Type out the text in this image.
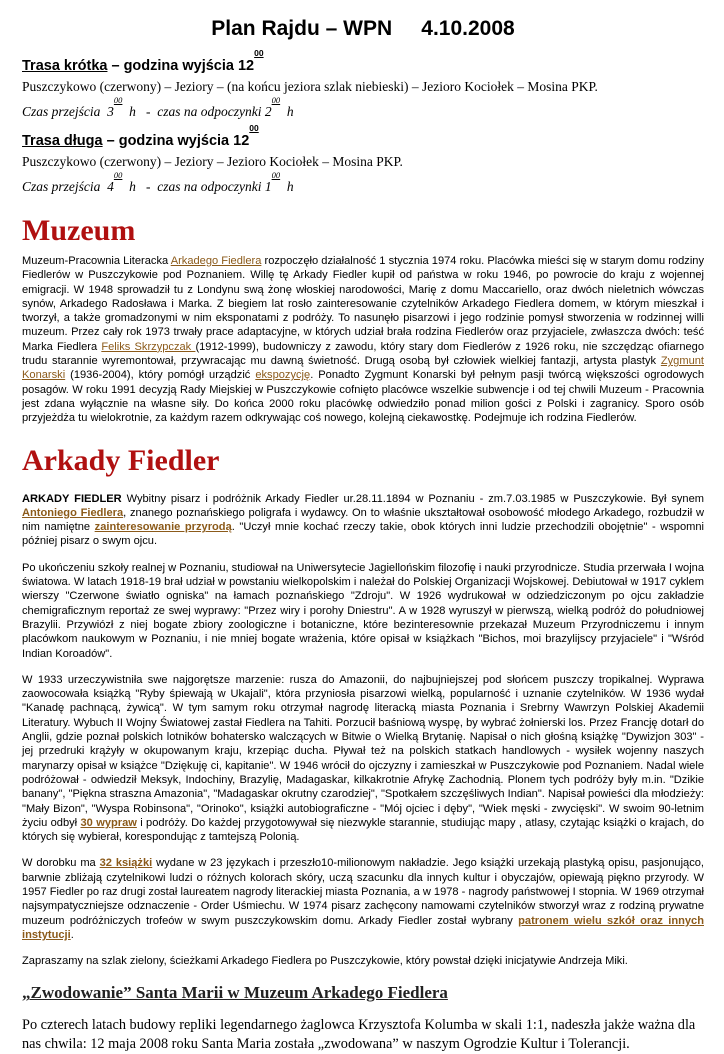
Plan Rajdu – WPN     4.10.2008

Trasa krótka – godzina wyjścia $12^{00}$

Puszczykowo (czerwony) – Jeziory – (na końcu jeziora szlak niebieski) – Jezioro Kociołek – Mosina PKP.

Czas przejścia  $3^{00}$  h   -  czas na odpoczynki $2^{00}$  h

Trasa długa – godzina wyjścia $12^{00}$

Puszczykowo (czerwony) – Jeziory – Jezioro Kociołek – Mosina PKP.

Czas przejścia  $4^{00}$  h   -  czas na odpoczynki $1^{00}$  h

Muzeum

Muzeum-Pracownia Literacka Arkadego Fiedlera rozpoczęło działalność 1 stycznia 1974 roku. Placówka mieści się w starym domu rodziny Fiedlerów w Puszczykowie pod Poznaniem. Willę tę Arkady Fiedler kupił od państwa w roku 1946, po powrocie do kraju z wojennej emigracji. W 1948 sprowadził tu z Londynu swą żonę włoskiej narodowości, Marię z domu Maccariello, oraz dwóch nieletnich wówczas synów, Arkadego Radosława i Marka. Z biegiem lat rosło zainteresowanie czytelników Arkadego Fiedlera domem, w którym mieszkał i tworzył, a także gromadzonymi w nim eksponatami z podróży. To nasunęło pisarzowi i jego rodzinie pomysł stworzenia w rodzinnej willi muzeum. Przez cały rok 1973 trwały prace adaptacyjne, w których udział brała rodzina Fiedlerów oraz przyjaciele, zwłaszcza dwóch: teść Marka Fiedlera Feliks Skrzypczak (1912-1999), budowniczy z zawodu, który stary dom Fiedlerów z 1926 roku, nie szczędząc ofiarnego trudu starannie wyremontował, przywracając mu dawną świetność. Drugą osobą był człowiek wielkiej fantazji, artysta plastyk Zygmunt Konarski (1936-2004), który pomógł urządzić ekspozycję. Ponadto Zygmunt Konarski był pełnym pasji twórcą większości ogrodowych posagów. W roku 1991 decyzją Rady Miejskiej w Puszczykowie cofnięto placówce wszelkie subwencje i od tej chwili Muzeum - Pracownia jest zdana wyłącznie na własne siły. Do końca 2000 roku placówkę odwiedziło ponad milion gości z Polski i zagranicy. Sporo osób przyjeżdża tu wielokrotnie, za każdym razem odkrywając coś nowego, kolejną ciekawostkę. Podejmuje ich rodzina Fiedlerów.

Arkady Fiedler

ARKADY FIEDLER Wybitny pisarz i podróżnik Arkady Fiedler ur.28.11.1894 w Poznaniu - zm.7.03.1985 w Puszczykowie. Był synem Antoniego Fiedlera, znanego poznańskiego poligrafa i wydawcy. On to właśnie ukształtował osobowość młodego Arkadego, rozbudził w nim namiętne zainteresowanie przyrodą. "Uczył mnie kochać rzeczy takie, obok których inni ludzie przechodzili obojętnie" - wspomni później pisarz o swym ojcu.

Po ukończeniu szkoły realnej w Poznaniu, studiował na Uniwersytecie Jagiellońskim filozofię i nauki przyrodnicze. Studia przerwała I wojna światowa. W latach 1918-19 brał udział w powstaniu wielkopolskim i należał do Polskiej Organizacji Wojskowej. Debiutował w 1917 cyklem wierszy "Czerwone światło ogniska" na łamach poznańskiego "Zdroju". W 1926 wydrukował w odziedziczonym po ojcu zakładzie chemigraficznym reportaż ze swej wyprawy: "Przez wiry i porohy Dniestru". A w 1928 wyruszył w pierwszą, wielką podróż do południowej Brazylii. Przywiózł z niej bogate zbiory zoologiczne i botaniczne, które bezinteresownie przekazał Muzeum Przyrodniczemu i innym placówkom naukowym w Poznaniu, i nie mniej bogate wrażenia, które opisał w książkach "Bichos, moi brazylijscy przyjaciele" i "Wśród Indian Koroadów".

W 1933 urzeczywistniła swe najgorętsze marzenie: rusza do Amazonii, do najbujniejszej pod słońcem puszczy tropikalnej. Wyprawa zaowocowała książką "Ryby śpiewają w Ukajali", która przyniosła pisarzowi wielką, popularność i uznanie czytelników. W 1936 wydał "Kanadę pachnącą, żywicą". W tym samym roku otrzymał nagrodę literacką miasta Poznania i Srebrny Wawrzyn Polskiej Akademii Literatury. Wybuch II Wojny Światowej zastał Fiedlera na Tahiti. Porzucił baśniową wyspę, by wybrać żołnierski los. Przez Francję dotarł do Anglii, gdzie poznał polskich lotników bohatersko walczących w Bitwie o Wielką Brytanię. Napisał o nich głośną książkę "Dywizjon 303" - jej przedruki krążyły w okupowanym kraju, krzepiąc ducha. Pływał też na polskich statkach handlowych - wysiłek wojenny naszych marynarzy opisał w książce "Dziękuję ci, kapitanie". W 1946 wrócił do ojczyzny i zamieszkał w Puszczykowie pod Poznaniem. Nadal wiele podróżował - odwiedził Meksyk, Indochiny, Brazylię, Madagaskar, kilkakrotnie Afrykę Zachodnią. Plonem tych podróży były m.in. "Dzikie banany", "Piękna straszna Amazonia", "Madagaskar okrutny czarodziej", "Spotkałem szczęśliwych Indian". Napisał powieści dla młodzieży: "Mały Bizon", "Wyspa Robinsona", "Orinoko", książki autobiograficzne - "Mój ojciec i dęby", "Wiek męski - zwycięski". W swoim 90-letnim życiu odbył 30 wypraw i podróży. Do każdej przygotowywał się niezwykle starannie, studiując mapy , atlasy, czytając książki o krajach, do których się wybierał, korespondując z tamtejszą Polonią.

W dorobku ma 32 książki wydane w 23 językach i przeszło10-milionowym nakładzie. Jego książki urzekają plastyką opisu, pasjonująco, barwnie zbliżają czytelnikowi ludzi o różnych kolorach skóry, uczą szacunku dla innych kultur i obyczajów, opiewają piękno przyrody. W 1957 Fiedler po raz drugi został laureatem nagrody literackiej miasta Poznania, a w 1978 - nagrody państwowej I stopnia. W 1969 otrzymał najsympatyczniejsze odznaczenie - Order Uśmiechu. W 1974 pisarz zachęcony namowami czytelników stworzył wraz z rodziną prywatne muzeum podróżniczych trofeów w swym puszczykowskim domu. Arkady Fiedler został wybrany patronem wielu szkół oraz innych instytucji.

Zapraszamy na szlak zielony, ścieżkami Arkadego Fiedlera po Puszczykowie, który powstał dzięki inicjatywie Andrzeja Miki.

„Zwodowanie” Santa Marii w Muzeum Arkadego Fiedlera

Po czterech latach budowy repliki legendarnego żaglowca Krzysztofa Kolumba w skali 1:1, nadeszła jakże ważna dla nas chwila: 12 maja 2008 roku Santa Maria została „zwodowana” w naszym Ogrodzie Kultur i Tolerancji.
